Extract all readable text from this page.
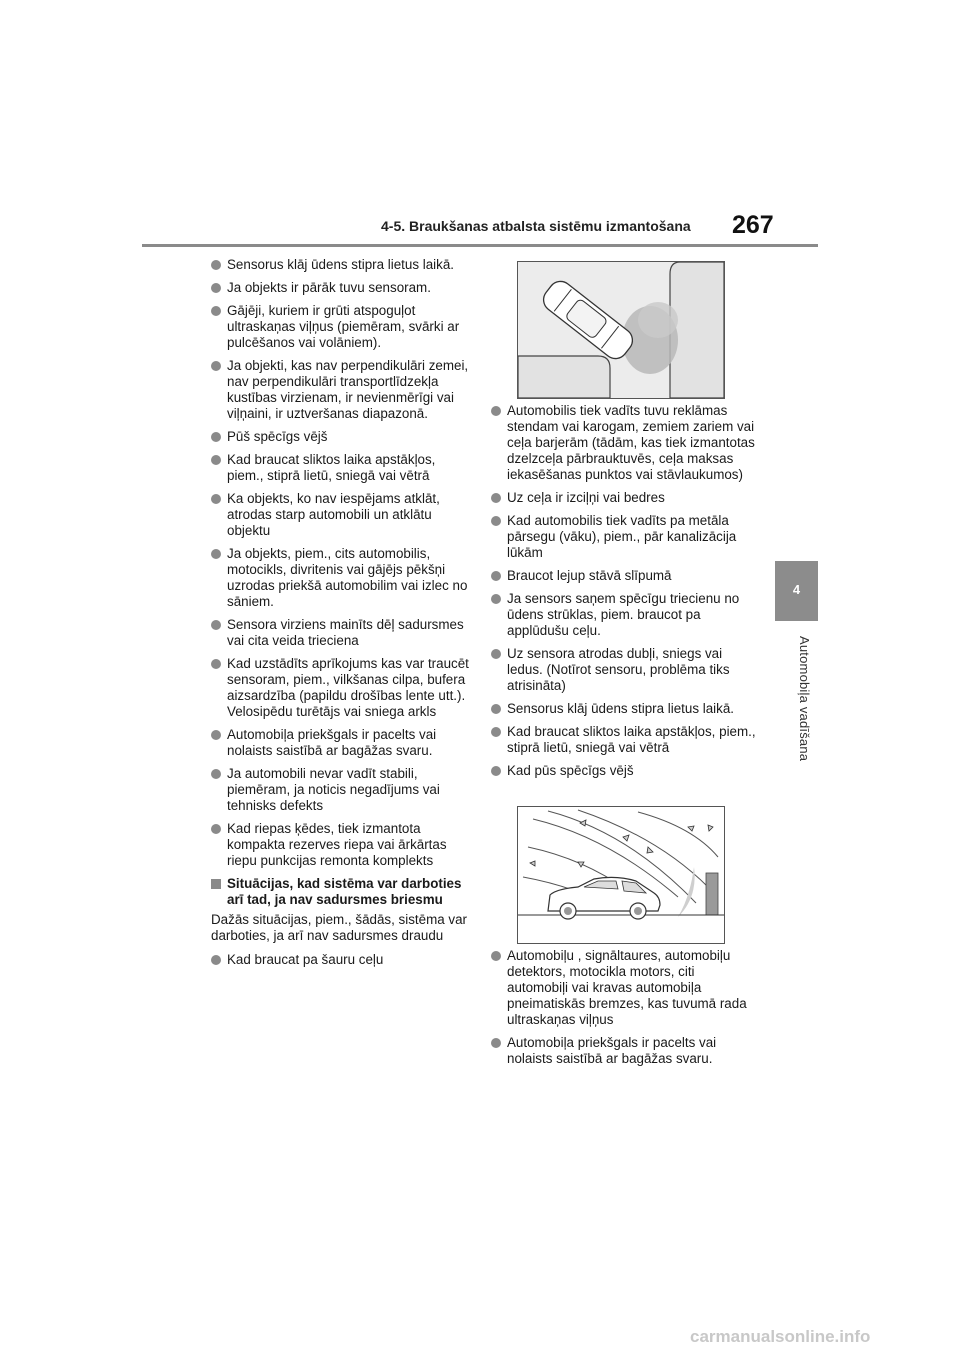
4-5. Braukšanas atbalsta sistēmu izmantošana 267
4
Automobiļa vadīšana
Sensorus klāj ūdens stipra lietus laikā.
Ja objekts ir pārāk tuvu sensoram.
Gājēji, kuriem ir grūti atspoguļot ultraskaņas viļņus (piemēram, svārki ar pulcēšanos vai volāniem).
Ja objekti, kas nav perpendikulāri zemei, nav perpendikulāri transportlīdzekļa kustības virzienam, ir nevienmērīgi vai viļņaini, ir uztveršanas diapazonā.
Pūš spēcīgs vējš
Kad braucat sliktos laika apstākļos, piem., stiprā lietū, sniegā vai vētrā
Ka objekts, ko nav iespējams atklāt, atrodas starp automobili un atklātu objektu
Ja objekts, piem., cits automobilis, motocikls, divritenis vai gājējs pēkšņi uzrodas priekšā automobilim vai izlec no sāniem.
Sensora virziens mainīts dēļ sadursmes vai cita veida trieciena
Kad uzstādīts aprīkojums kas var traucēt sensoram, piem., vilkšanas cilpa, bufera aizsardzība (papildu drošības lente utt.). Velosipēdu turētājs vai sniega arkls
Automobiļa priekšgals ir pacelts vai nolaists saistībā ar bagāžas svaru.
Ja automobili nevar vadīt stabili, piemēram, ja noticis negadījums vai tehnisks defekts
Kad riepas ķēdes, tiek izmantota kompakta rezerves riepa vai ārkārtas riepu punkcijas remonta komplekts
Situācijas, kad sistēma var darboties arī tad, ja nav sadursmes briesmu
Dažās situācijas, piem., šādās, sistēma var darboties, ja arī nav sadursmes draudu
Kad braucat pa šauru ceļu
Automobilis tiek vadīts tuvu reklāmas stendam vai karogam, zemiem zariem vai ceļa barjerām (tādām, kas tiek izmantotas dzelzceļa pārbrauktuvēs, ceļa maksas iekasēšanas punktos vai stāvlaukumos)
Uz ceļa ir izciļņi vai bedres
Kad automobilis tiek vadīts pa metāla pārsegu (vāku), piem., pār kanalizācija lūkām
Braucot lejup stāvā slīpumā
Ja sensors saņem spēcīgu triecienu no ūdens strūklas, piem. braucot pa applūdušu ceļu.
Uz sensora atrodas dubļi, sniegs vai ledus. (Notīrot sensoru, problēma tiks atrisināta)
Sensorus klāj ūdens stipra lietus laikā.
Kad braucat sliktos laika apstākļos, piem., stiprā lietū, sniegā vai vētrā
Kad pūs spēcīgs vējš
Automobiļu , signāltaures, automobiļu detektors, motocikla motors, citi automobiļi vai kravas automobiļa pneimatiskās bremzes, kas tuvumā rada ultraskaņas viļņus
Automobiļa priekšgals ir pacelts vai nolaists saistībā ar bagāžas svaru.
carmanualsonline.info
